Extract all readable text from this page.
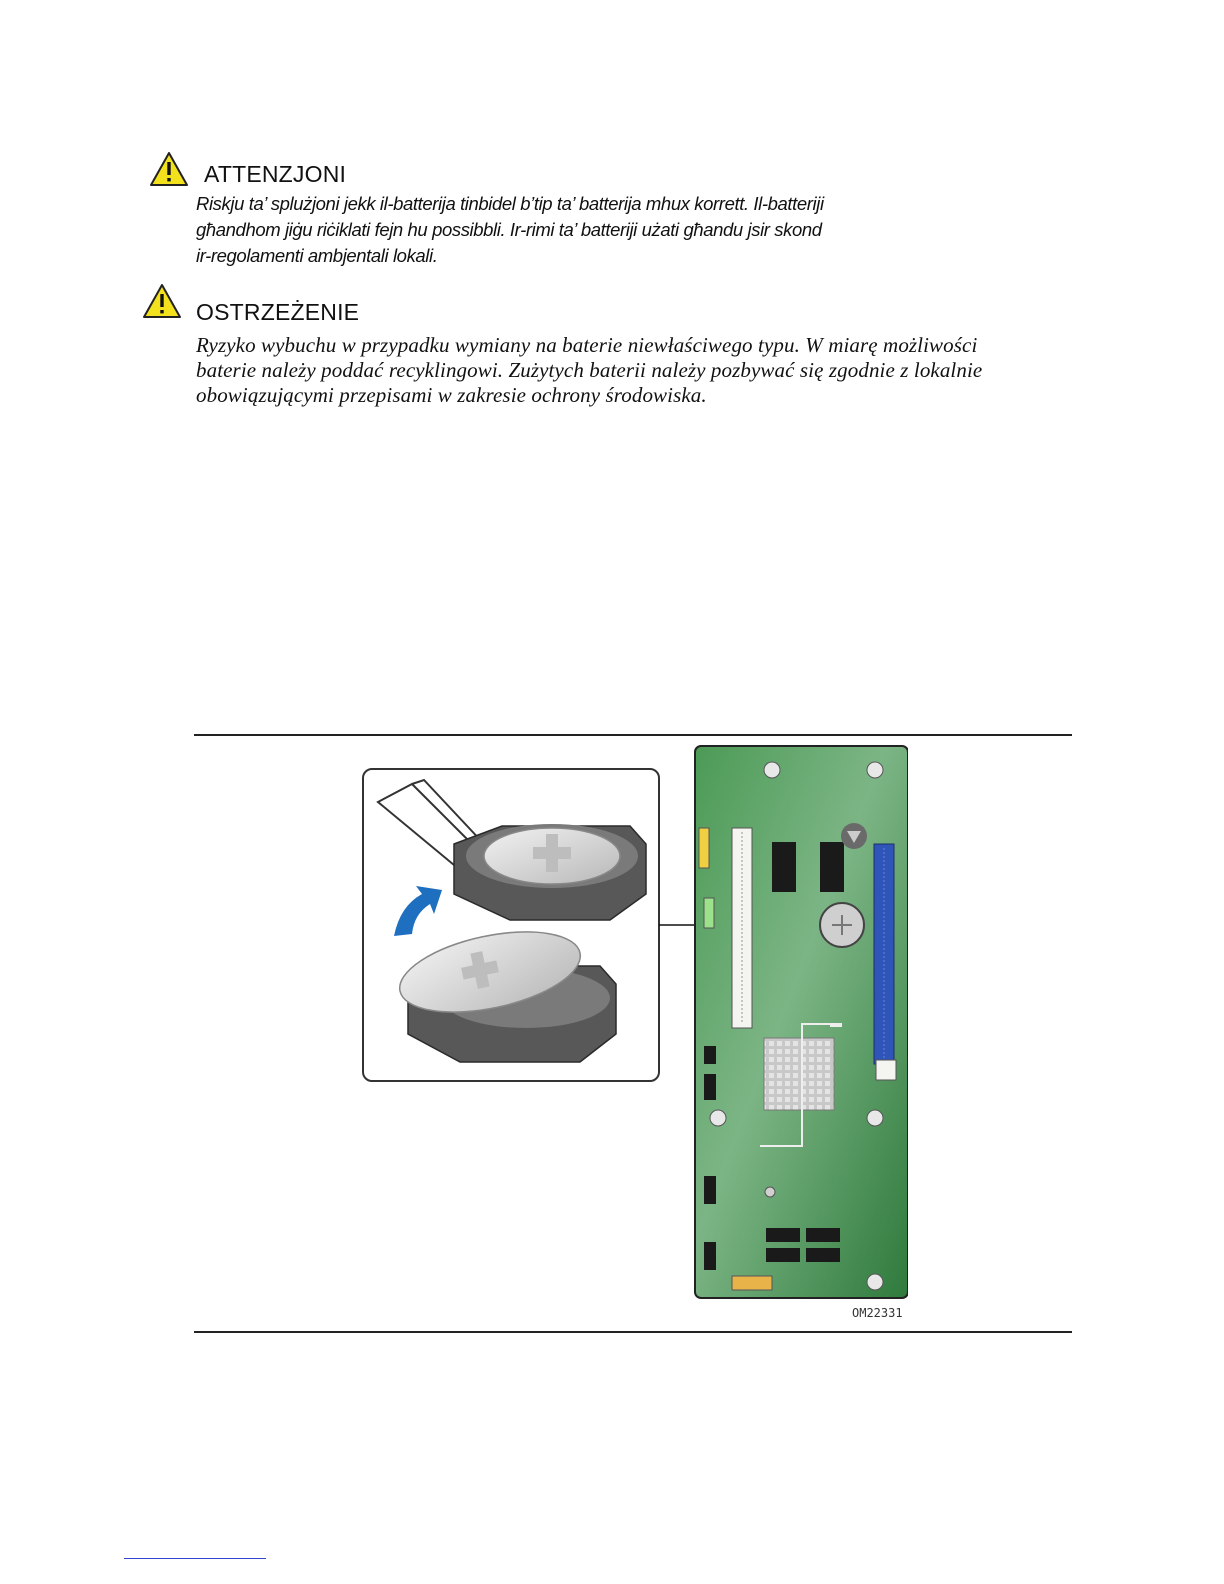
ATTENZJONI
Riskju ta’ splużjoni jekk il-batterija tinbidel b’tip ta’ batterija mhux korrett. Il-batteriji
għandhom jiġu riċiklati fejn hu possibbli. Ir-rimi ta’ batteriji użati għandu jsir skond
ir-regolamenti ambjentali lokali.
OSTRZEŻENIE
Ryzyko wybuchu w przypadku wymiany na baterie niewłaściwego typu. W miarę możliwości
baterie należy poddać recyklingowi. Zużytych baterii należy pozbywać się zgodnie z lokalnie
obowiązującymi przepisami w zakresie ochrony środowiska.
OM22331
